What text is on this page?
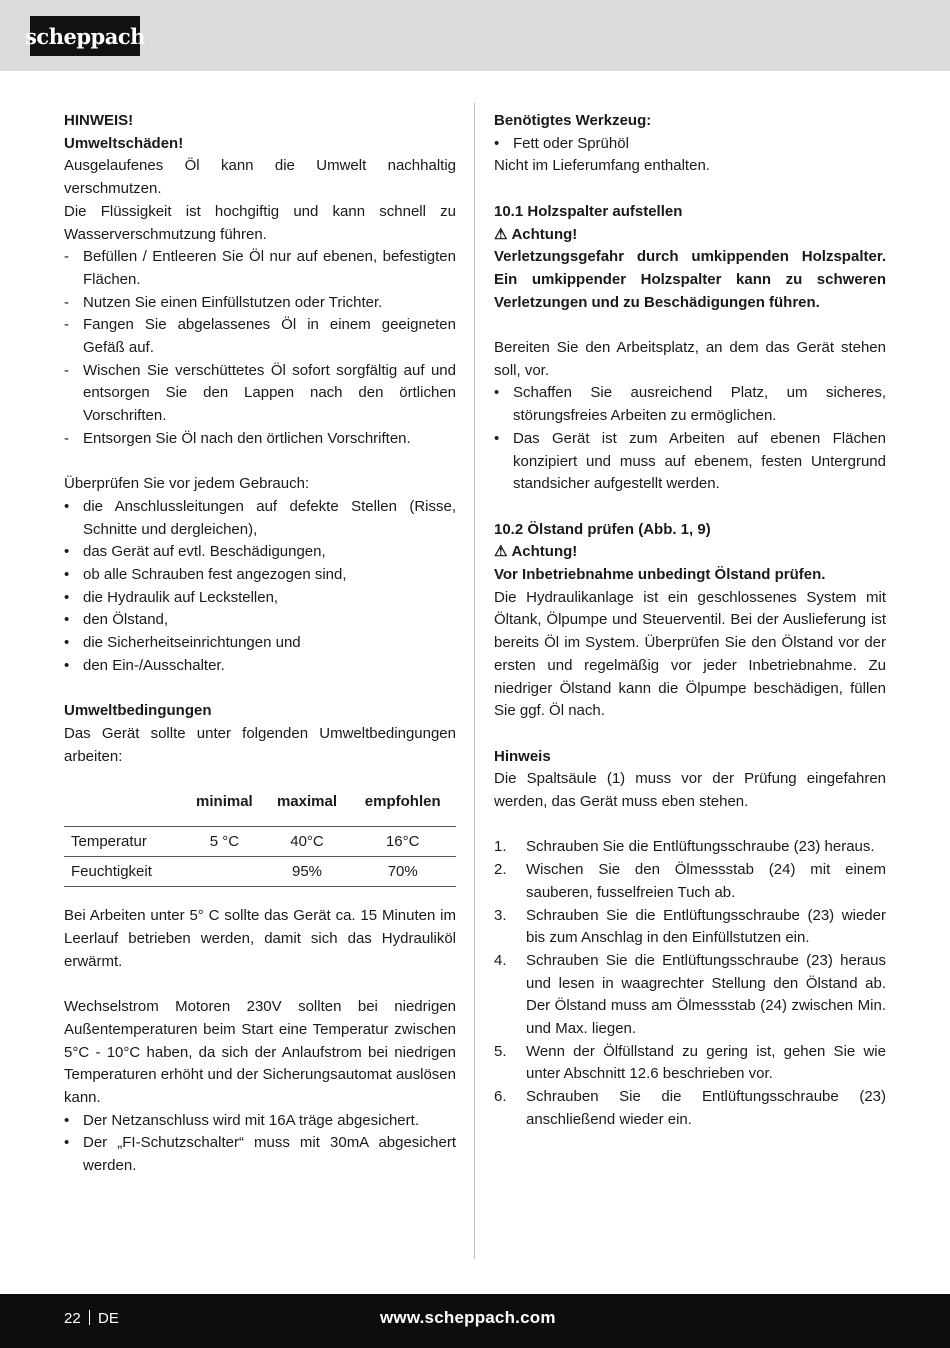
scheppach

HINWEIS!

Umweltschäden!

Ausgelaufenes Öl kann die Umwelt nachhaltig verschmutzen.

Die Flüssigkeit ist hochgiftig und kann schnell zu Wasserverschmutzung führen.

- Befüllen / Entleeren Sie Öl nur auf ebenen, befestigten Flächen.
- Nutzen Sie einen Einfüllstutzen oder Trichter.
- Fangen Sie abgelassenes Öl in einem geeigneten Gefäß auf.
- Wischen Sie verschüttetes Öl sofort sorgfältig auf und entsorgen Sie den Lappen nach den örtlichen Vorschriften.
- Entsorgen Sie Öl nach den örtlichen Vorschriften.

Überprüfen Sie vor jedem Gebrauch:

• die Anschlussleitungen auf defekte Stellen (Risse, Schnitte und dergleichen),
• das Gerät auf evtl. Beschädigungen,
• ob alle Schrauben fest angezogen sind,
• die Hydraulik auf Leckstellen,
• den Ölstand,
• die Sicherheitseinrichtungen und
• den Ein-/Ausschalter.

Umweltbedingungen

Das Gerät sollte unter folgenden Umweltbedingungen arbeiten:

	minimal	maximal	empfohlen
Temperatur	5 °C	40°C	16°C
Feuchtigkeit		95%	70%

Bei Arbeiten unter 5° C sollte das Gerät ca. 15 Minuten im Leerlauf betrieben werden, damit sich das Hydrauliköl erwärmt.

Wechselstrom Motoren 230V sollten bei niedrigen Außentemperaturen beim Start eine Temperatur zwischen 5°C - 10°C haben, da sich der Anlaufstrom bei niedrigen Temperaturen erhöht und der Sicherungsautomat auslösen kann.

• Der Netzanschluss wird mit 16A träge abgesichert.
• Der „FI-Schutzschalter“ muss mit 30mA abgesichert werden.

Benötigtes Werkzeug:

• Fett oder Sprühöl

Nicht im Lieferumfang enthalten.

10.1 Holzspalter aufstellen

⚠ Achtung!

Verletzungsgefahr durch umkippenden Holzspalter. Ein umkippender Holzspalter kann zu schweren Verletzungen und zu Beschädigungen führen.

Bereiten Sie den Arbeitsplatz, an dem das Gerät stehen soll, vor.

• Schaffen Sie ausreichend Platz, um sicheres, störungsfreies Arbeiten zu ermöglichen.
• Das Gerät ist zum Arbeiten auf ebenen Flächen konzipiert und muss auf ebenem, festen Untergrund standsicher aufgestellt werden.

10.2 Ölstand prüfen (Abb. 1, 9)

⚠ Achtung!

Vor Inbetriebnahme unbedingt Ölstand prüfen.

Die Hydraulikanlage ist ein geschlossenes System mit Öltank, Ölpumpe und Steuerventil. Bei der Auslieferung ist bereits Öl im System. Überprüfen Sie den Ölstand vor der ersten und regelmäßig vor jeder Inbetriebnahme. Zu niedriger Ölstand kann die Ölpumpe beschädigen, füllen Sie ggf. Öl nach.

Hinweis

Die Spaltsäule (1) muss vor der Prüfung eingefahren werden, das Gerät muss eben stehen.

1. Schrauben Sie die Entlüftungsschraube (23) heraus.
2. Wischen Sie den Ölmessstab (24) mit einem sauberen, fusselfreien Tuch ab.
3. Schrauben Sie die Entlüftungsschraube (23) wieder bis zum Anschlag in den Einfüllstutzen ein.
4. Schrauben Sie die Entlüftungsschraube (23) heraus und lesen in waagrechter Stellung den Ölstand ab. Der Ölstand muss am Ölmessstab (24) zwischen Min. und Max. liegen.
5. Wenn der Ölfüllstand zu gering ist, gehen Sie wie unter Abschnitt 12.6 beschrieben vor.
6. Schrauben Sie die Entlüftungsschraube (23) anschließend wieder ein.
22 DE	www.scheppach.com
